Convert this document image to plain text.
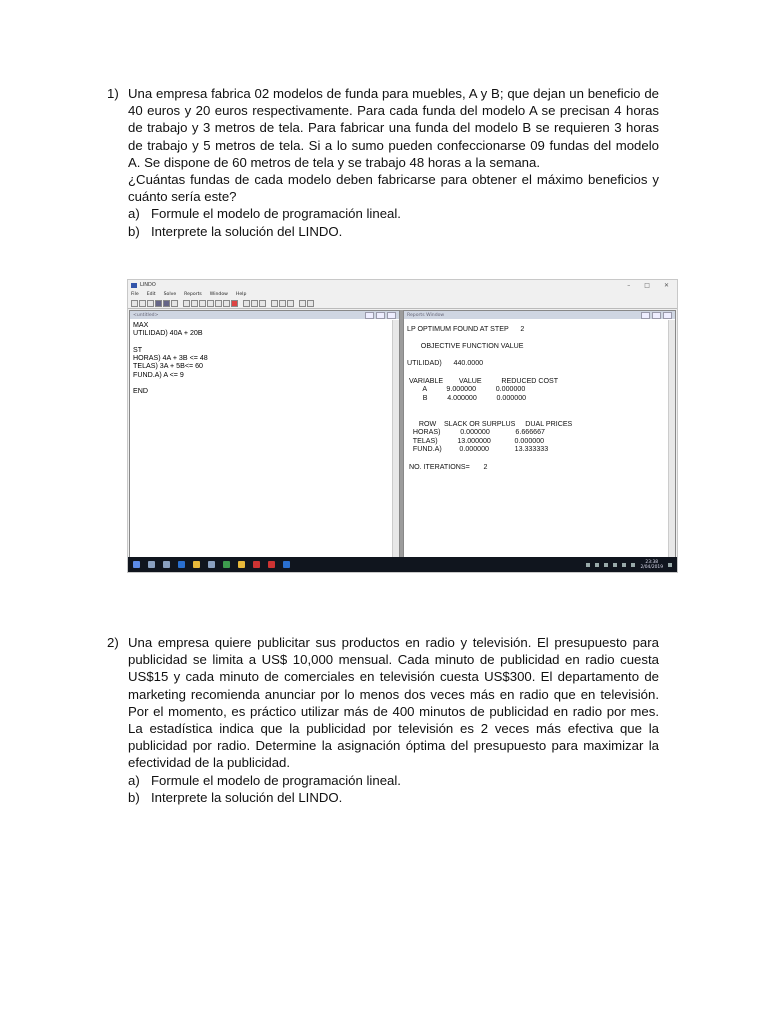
1) Una empresa fabrica 02 modelos de funda para muebles, A y B; que dejan un beneficio de 40 euros y 20 euros respectivamente. Para cada funda del modelo A se precisan 4 horas de trabajo y 3 metros de tela. Para fabricar una funda del modelo B se requieren 3 horas de trabajo y 5 metros de tela. Si a lo sumo pueden confeccionarse 09 fundas del modelo A. Se dispone de 60 metros de tela y se trabajo 48 horas a la semana.
¿Cuántas fundas de cada modelo deben fabricarse para obtener el máximo beneficios y cuánto sería este?
a) Formule el modelo de programación lineal.
b) Interprete la solución del LINDO.
LINDO	– □ ✕
File Edit Solve Reports Window Help
<untitled>
MAX
UTILIDAD) 40A + 20B

ST
HORAS) 4A + 3B <= 48
TELAS) 3A + 5B<= 60
FUND.A) A <= 9

END
Reports Window
LP OPTIMUM FOUND AT STEP      2

OBJECTIVE FUNCTION VALUE

UTILIDAD)      440.0000

VARIABLE        VALUE          REDUCED COST
A          9.000000          0.000000
B          4.000000          0.000000

ROW    SLACK OR SURPLUS     DUAL PRICES
HORAS)          0.000000             6.666667
TELAS)          13.000000            0.000000
FUND.A)         0.000000             13.333333

NO. ITERATIONS=       2
23:38
2/04/2019
2) Una empresa quiere publicitar sus productos en radio y televisión. El presupuesto para publicidad se limita a US$ 10,000 mensual. Cada minuto de publicidad en radio cuesta US$15 y cada minuto de comerciales en televisión cuesta US$300. El departamento de marketing recomienda anunciar por lo menos dos veces más en radio que en televisión. Por el momento, es práctico utilizar más de 400 minutos de publicidad en radio por mes. La estadística indica que la publicidad por televisión es 2 veces más efectiva que la publicidad por radio. Determine la asignación óptima del presupuesto para maximizar la efectividad de la publicidad.
a) Formule el modelo de programación lineal.
b) Interprete la solución del LINDO.
